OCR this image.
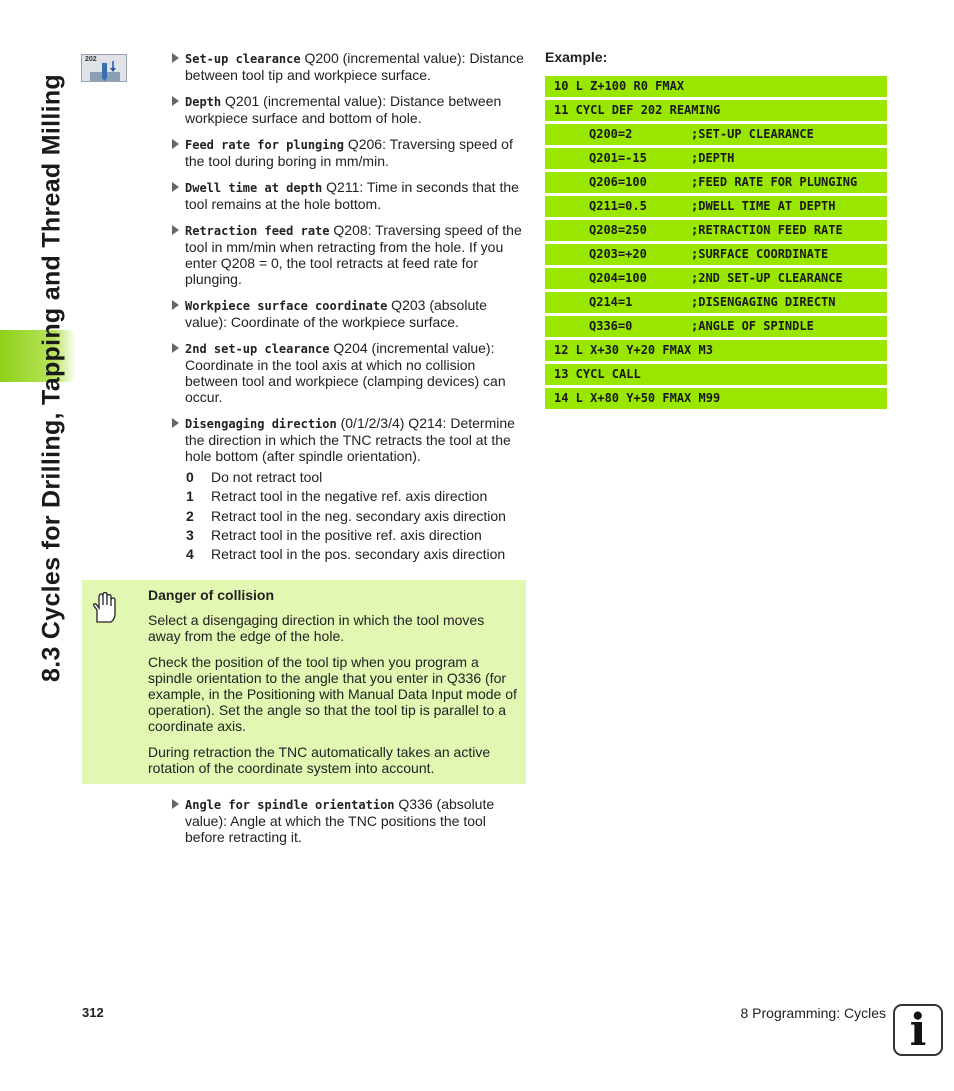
8.3 Cycles for Drilling, Tapping and Thread Milling
202	Set-up clearance Q200 (incremental value): Distance between tool tip and workpiece surface.
Depth Q201 (incremental value): Distance between workpiece surface and bottom of hole.
Feed rate for plunging Q206: Traversing speed of the tool during boring in mm/min.
Dwell time at depth Q211: Time in seconds that the tool remains at the hole bottom.
Retraction feed rate Q208: Traversing speed of the tool in mm/min when retracting from the hole. If you enter Q208 = 0, the tool retracts at feed rate for plunging.
Workpiece surface coordinate Q203 (absolute value): Coordinate of the workpiece surface.
2nd set-up clearance Q204 (incremental value): Coordinate in the tool axis at which no collision between tool and workpiece (clamping devices) can occur.
Disengaging direction (0/1/2/3/4) Q214: Determine the direction in which the TNC retracts the tool at the hole bottom (after spindle orientation).
0 Do not retract tool
1 Retract tool in the negative ref. axis direction
2 Retract tool in the neg. secondary axis direction
3 Retract tool in the positive ref. axis direction
4 Retract tool in the pos. secondary axis direction
Danger of collision

Select a disengaging direction in which the tool moves away from the edge of the hole.

Check the position of the tool tip when you program a spindle orientation to the angle that you enter in Q336 (for example, in the Positioning with Manual Data Input mode of operation). Set the angle so that the tool tip is parallel to a coordinate axis.

During retraction the TNC automatically takes an active rotation of the coordinate system into account.

Angle for spindle orientation Q336 (absolute value): Angle at which the TNC positions the tool before retracting it.
Example:
10 L Z+100 R0 FMAX
11 CYCL DEF 202 REAMING
Q200=2	;SET-UP CLEARANCE
Q201=-15	;DEPTH
Q206=100	;FEED RATE FOR PLUNGING
Q211=0.5	;DWELL TIME AT DEPTH
Q208=250	;RETRACTION FEED RATE
Q203=+20	;SURFACE COORDINATE
Q204=100	;2ND SET-UP CLEARANCE
Q214=1	;DISENGAGING DIRECTN
Q336=0	;ANGLE OF SPINDLE
12 L X+30 Y+20 FMAX M3
13 CYCL CALL
14 L X+80 Y+50 FMAX M99
312	8 Programming: Cycles i
